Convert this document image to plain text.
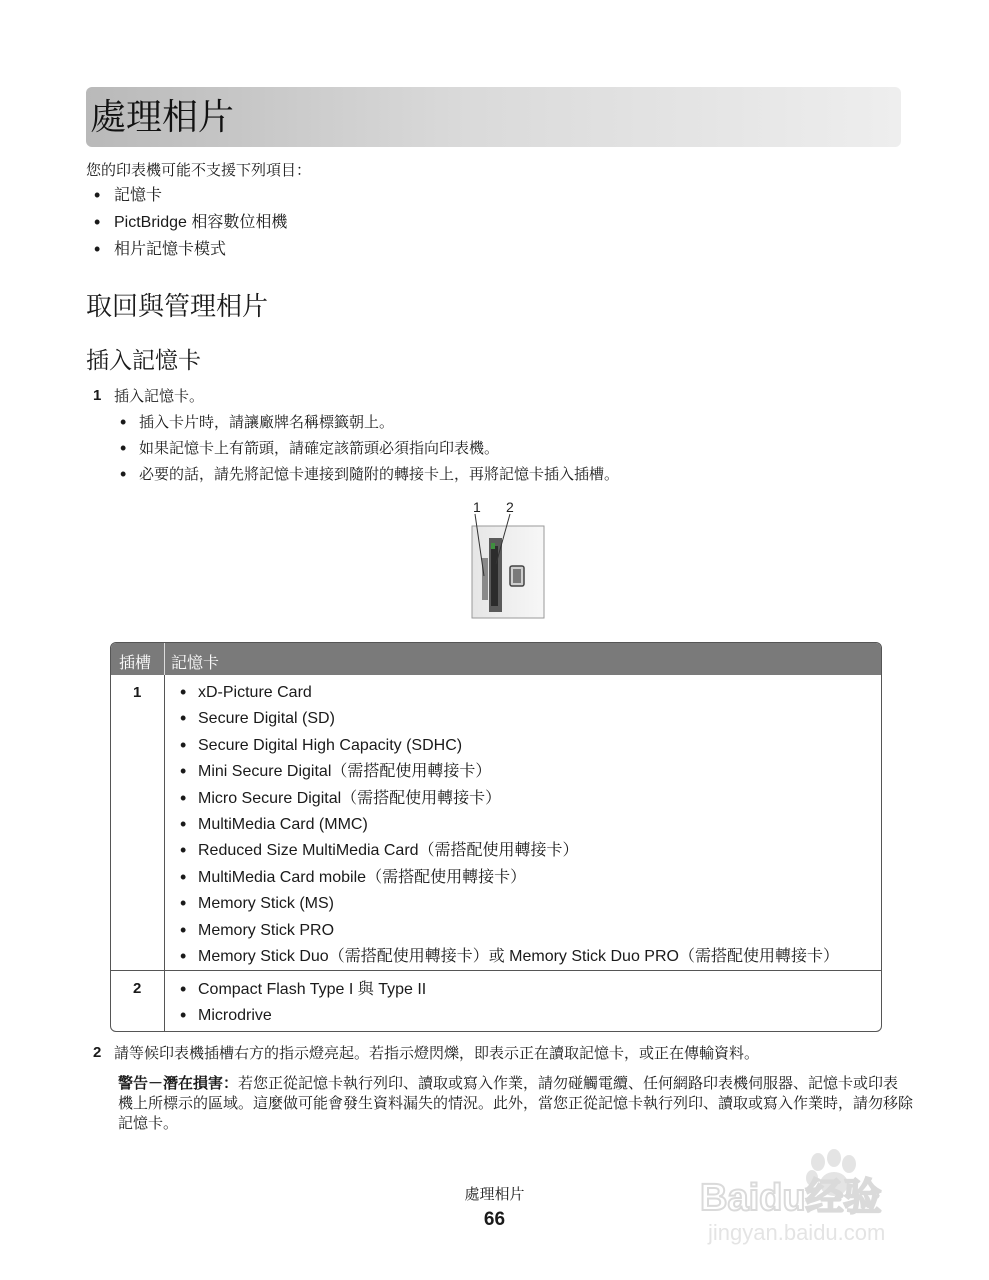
處理相片
您的印表機可能不支援下列項目：
• 記憶卡
• PictBridge 相容數位相機
• 相片記憶卡模式
取回與管理相片
插入記憶卡
1 插入記憶卡。
• 插入卡片時，請讓廠牌名稱標籤朝上。
• 如果記憶卡上有箭頭，請確定該箭頭必須指向印表機。
• 必要的話，請先將記憶卡連接到隨附的轉接卡上，再將記憶卡插入插槽。
1 2
插槽 記憶卡
1	• xD-Picture Card
• Secure Digital (SD)
• Secure Digital High Capacity (SDHC)
• Mini Secure Digital（需搭配使用轉接卡）
• Micro Secure Digital（需搭配使用轉接卡）
• MultiMedia Card (MMC)
• Reduced Size MultiMedia Card（需搭配使用轉接卡）
• MultiMedia Card mobile（需搭配使用轉接卡）
• Memory Stick (MS)
• Memory Stick PRO
• Memory Stick Duo（需搭配使用轉接卡）或 Memory Stick Duo PRO（需搭配使用轉接卡）
2	• Compact Flash Type I 與 Type II
• Microdrive
2 請等候印表機插槽右方的指示燈亮起。若指示燈閃爍，即表示正在讀取記憶卡，或正在傳輸資料。
警告－潛在損害：若您正從記憶卡執行列印、讀取或寫入作業，請勿碰觸電纜、任何網路印表機伺服器、記憶卡或印表機上所標示的區域。這麼做可能會發生資料漏失的情況。此外，當您正從記憶卡執行列印、讀取或寫入作業時，請勿移除記憶卡。
處理相片
66
Baidu经验
jingyan.baidu.com
